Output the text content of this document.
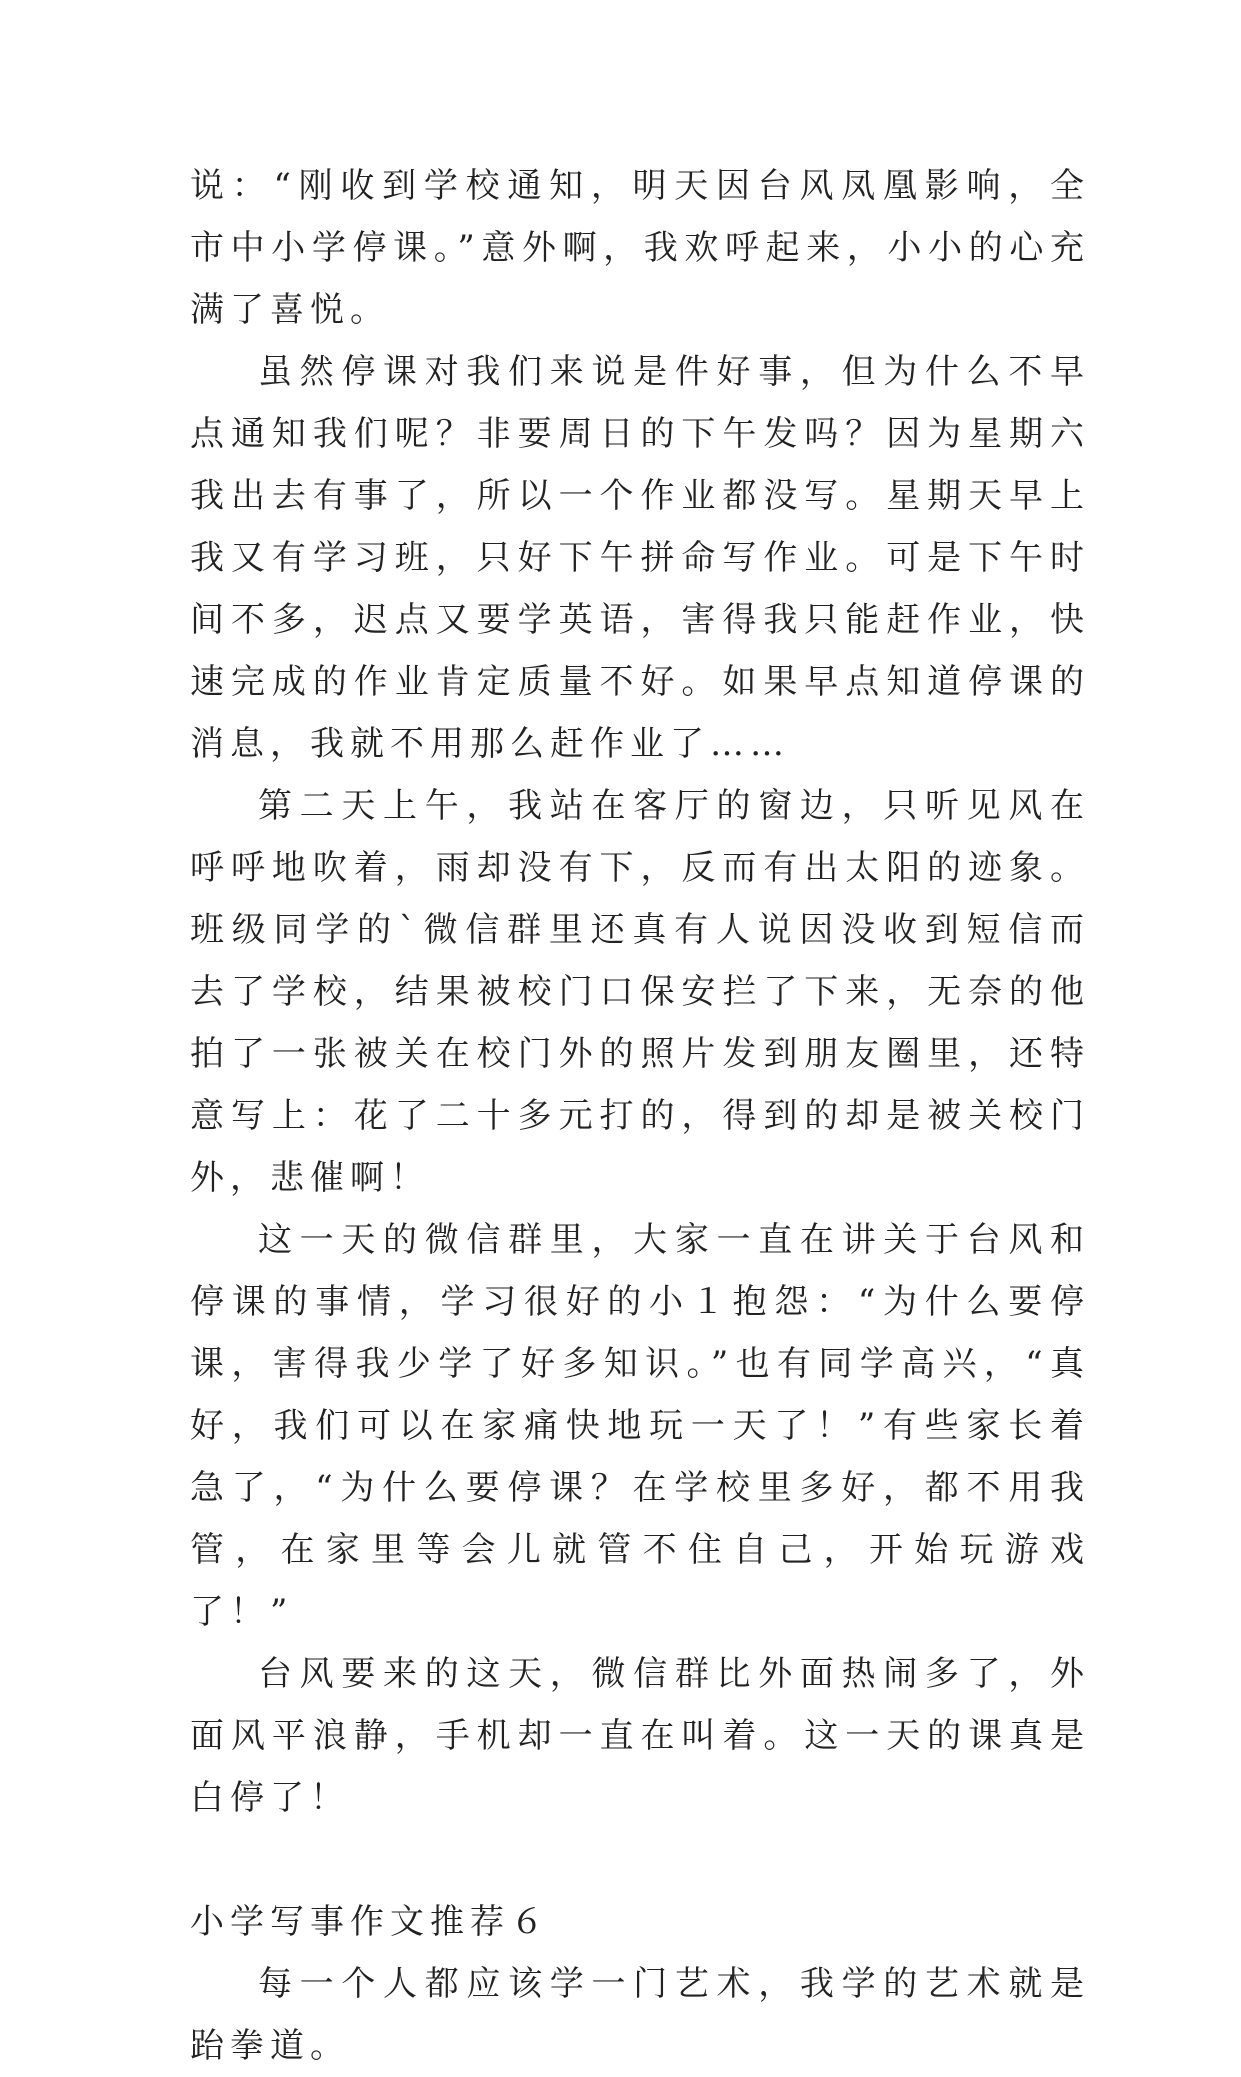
说：“刚收到学校通知，明天因台风凤凰影响，全市中小学停课。”意外啊，我欢呼起来，小小的心充满了喜悦。

虽然停课对我们来说是件好事，但为什么不早点通知我们呢？非要周日的下午发吗？因为星期六我出去有事了，所以一个作业都没写。星期天早上我又有学习班，只好下午拼命写作业。可是下午时间不多，迟点又要学英语，害得我只能赶作业，快速完成的作业肯定质量不好。如果早点知道停课的消息，我就不用那么赶作业了……

第二天上午，我站在客厅的窗边，只听见风在呼呼地吹着，雨却没有下，反而有出太阳的迹象。班级同学的`微信群里还真有人说因没收到短信而去了学校，结果被校门口保安拦了下来，无奈的他拍了一张被关在校门外的照片发到朋友圈里，还特意写上：花了二十多元打的，得到的却是被关校门外，悲催啊！

这一天的微信群里，大家一直在讲关于台风和停课的事情，学习很好的小１抱怨：“为什么要停课，害得我少学了好多知识。”也有同学高兴，“真好，我们可以在家痛快地玩一天了！”有些家长着急了，“为什么要停课？在学校里多好，都不用我管，在家里等会儿就管不住自己，开始玩游戏了！”

台风要来的这天，微信群比外面热闹多了，外面风平浪静，手机却一直在叫着。这一天的课真是白停了！

小学写事作文推荐６

每一个人都应该学一门艺术，我学的艺术就是跆拳道。
